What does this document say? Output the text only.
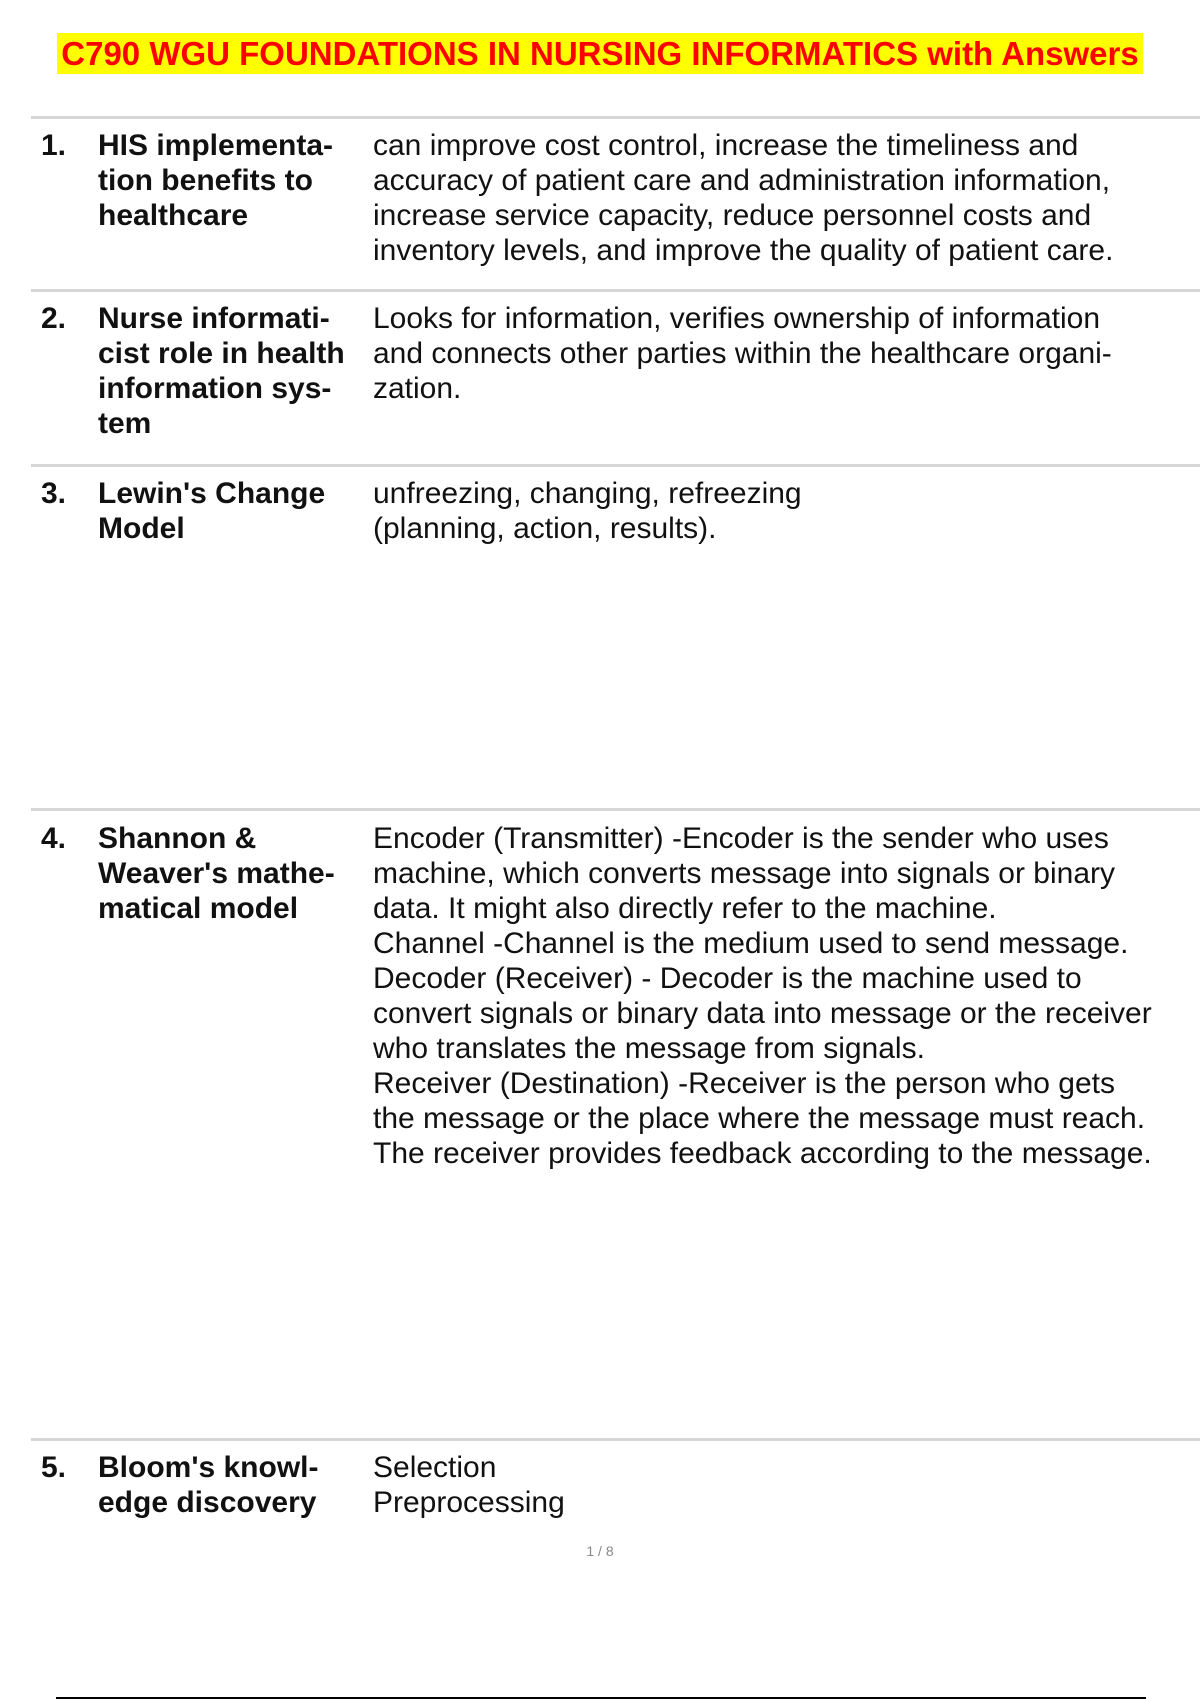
C790 WGU FOUNDATIONS IN NURSING INFORMATICS with Answers
1. HIS implementa-
tion benefits to
healthcare
can improve cost control, increase the timeliness and
accuracy of patient care and administration information,
increase service capacity, reduce personnel costs and
inventory levels, and improve the quality of patient care.
2. Nurse informati-
cist role in health
information sys-
tem
Looks for information, verifies ownership of information
and connects other parties within the healthcare organi-
zation.
3. Lewin's Change
Model
unfreezing, changing, refreezing
(planning, action, results).
4. Shannon &
Weaver's mathe-
matical model
Encoder (Transmitter) -Encoder is the sender who uses
machine, which converts message into signals or binary
data. It might also directly refer to the machine.
Channel -Channel is the medium used to send message.
Decoder (Receiver) - Decoder is the machine used to
convert signals or binary data into message or the receiver
who translates the message from signals.
Receiver (Destination) -Receiver is the person who gets
the message or the place where the message must reach.
The receiver provides feedback according to the message.
5. Bloom's knowl-
edge discovery
Selection
Preprocessing
1 / 8
